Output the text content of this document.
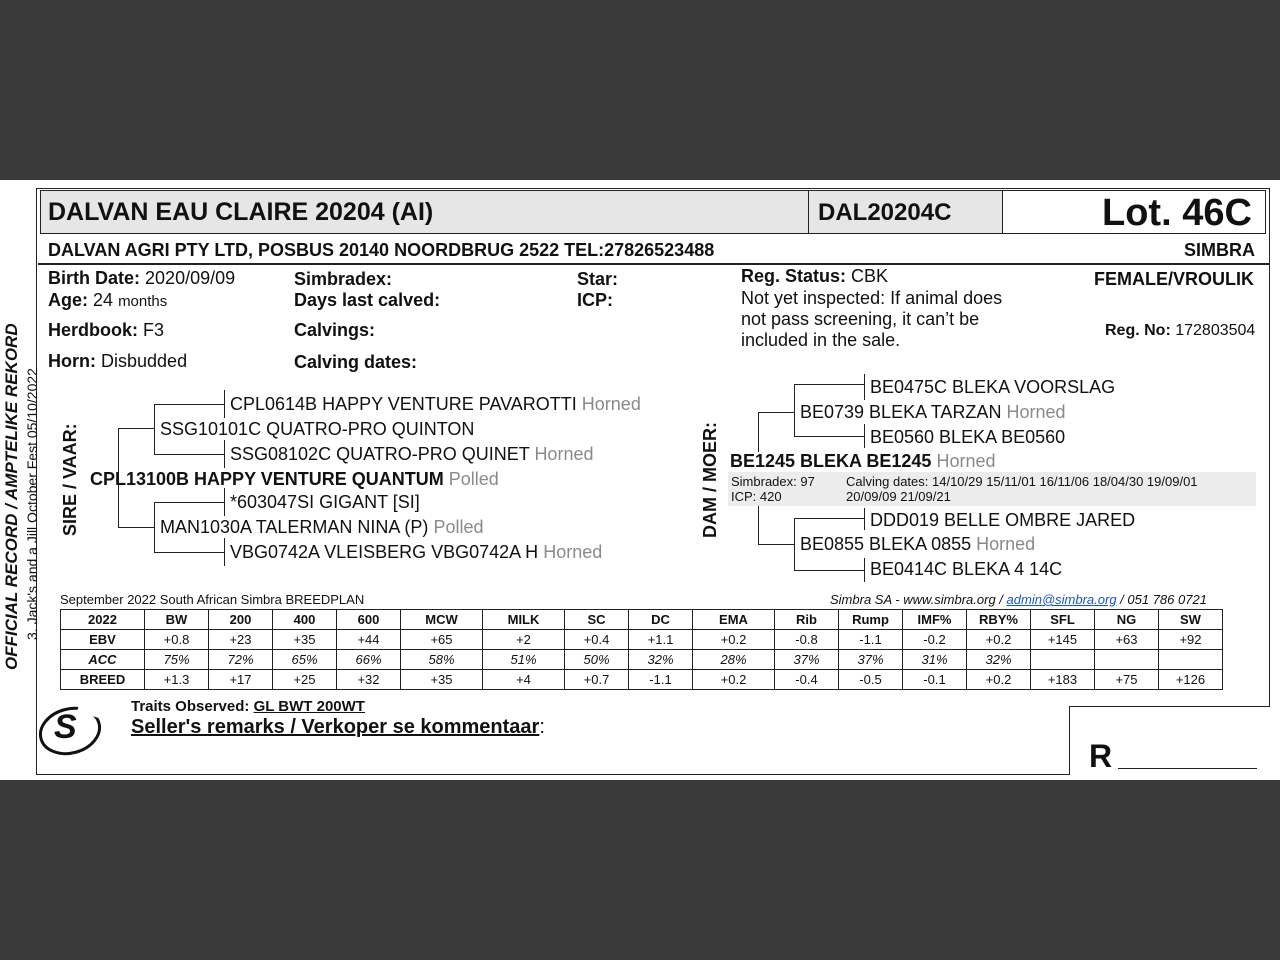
DALVAN EAU CLAIRE 20204 (AI)	DAL20204C	Lot. 46C
DALVAN AGRI PTY LTD, POSBUS 20140 NOORDBRUG 2522 TEL:27826523488	SIMBRA
Birth Date: 2020/09/09
Age: 24 months
Herdbook: F3
Horn: Disbudded
Simbradex:
Days last calved:
Calvings:
Calving dates:
Star:
ICP:
Reg. Status: CBK
Not yet inspected: If animal does
not pass screening, it can’t be
included in the sale.
FEMALE/VROULIK
Reg. No: 172803504
OFFICIAL RECORD / AMPTELIKE REKORD 3. Jack's and a Jill October Fest 05/10/2022 SIRE / VAAR:
CPL0614B HAPPY VENTURE PAVAROTTI Horned
SSG10101C QUATRO-PRO QUINTON
SSG08102C QUATRO-PRO QUINET Horned
CPL13100B HAPPY VENTURE QUANTUM Polled
*603047SI GIGANT [SI]
MAN1030A TALERMAN NINA (P) Polled
VBG0742A VLEISBERG VBG0742A H Horned
DAM / MOER:
BE0475C BLEKA VOORSLAG
BE0739 BLEKA TARZAN Horned
BE0560 BLEKA BE0560
BE1245 BLEKA BE1245 Horned
Simbradex: 97
ICP: 420
Calving dates: 14/10/29 15/11/01 16/11/06 18/04/30 19/09/01
20/09/09 21/09/21
DDD019 BELLE OMBRE JARED
BE0855 BLEKA 0855 Horned
BE0414C BLEKA 4 14C
September 2022 South African Simbra BREEDPLAN	Simbra SA - www.simbra.org / admin@simbra.org / 051 786 0721
2022	BW	200	400	600	MCW	MILK	SC	DC	EMA	Rib	Rump	IMF%	RBY%	SFL	NG	SW
EBV	+0.8	+23	+35	+44	+65	+2	+0.4	+1.1	+0.2	-0.8	-1.1	-0.2	+0.2	+145	+63	+92
ACC	75%	72%	65%	66%	58%	51%	50%	32%	28%	37%	37%	31%	32%			
BREED	+1.3	+17	+25	+32	+35	+4	+0.7	-1.1	+0.2	-0.4	-0.5	-0.1	+0.2	+183	+75	+126
S
Traits Observed: GL BWT 200WT
Seller's remarks / Verkoper se kommentaar:
R
